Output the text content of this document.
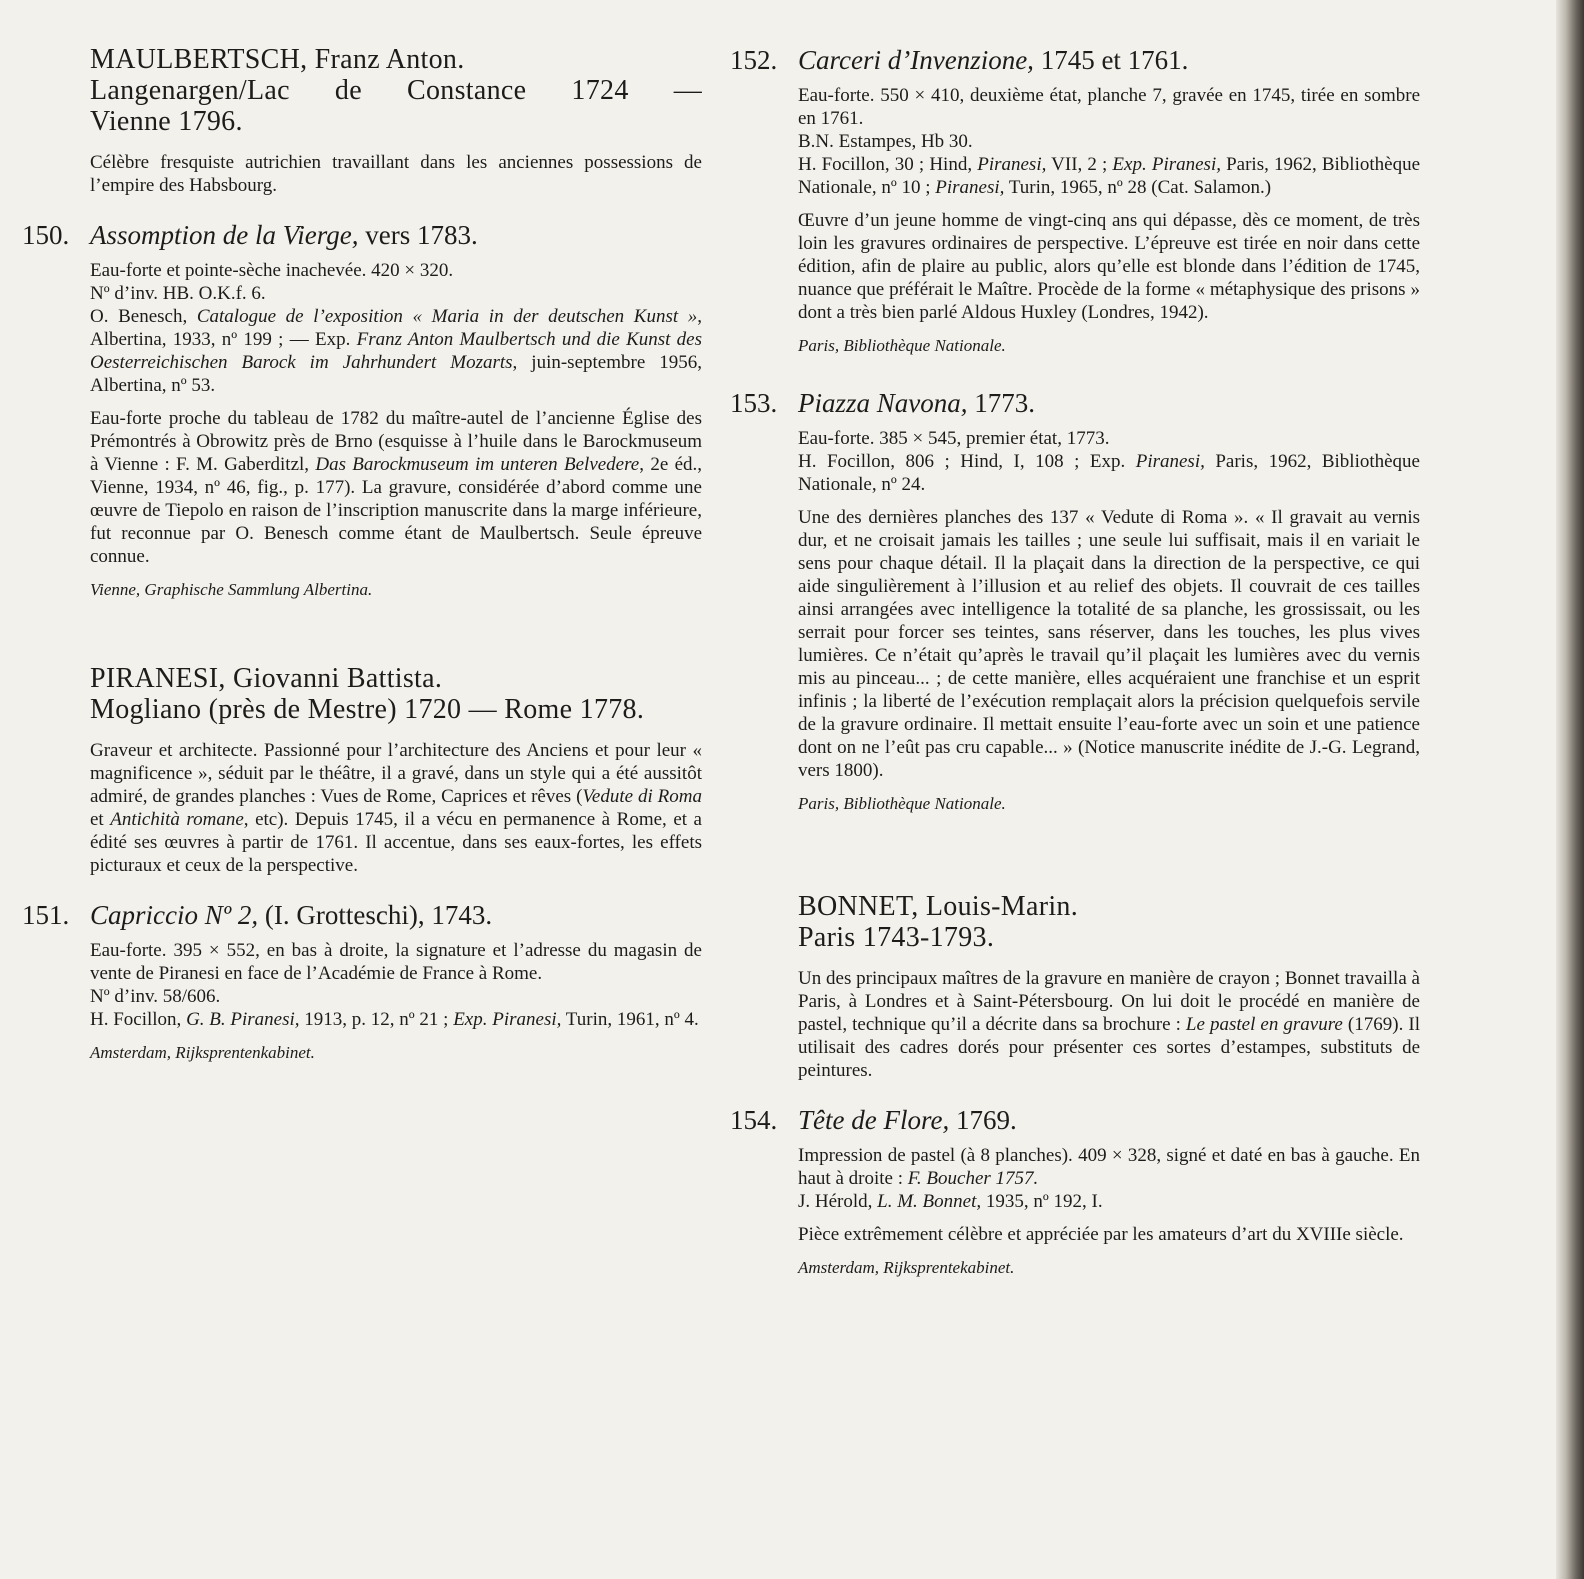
MAULBERTSCH, Franz Anton.
Langenargen/Lac de Constance 1724 —
Vienne 1796.
Célèbre fresquiste autrichien travaillant dans les anciennes possessions de l’empire des Habsbourg.
150. Assomption de la Vierge, vers 1783.

Eau-forte et pointe-sèche inachevée. 420 × 320.

Nº d’inv. HB. O.K.f. 6.

O. Benesch, Catalogue de l’exposition « Maria in der deutschen Kunst », Albertina, 1933, nº 199 ; — Exp. Franz Anton Maulbertsch und die Kunst des Oesterreichischen Barock im Jahrhundert Mozarts, juin-septembre 1956, Albertina, nº 53.

Eau-forte proche du tableau de 1782 du maître-autel de l’ancienne Église des Prémontrés à Obrowitz près de Brno (esquisse à l’huile dans le Barockmuseum à Vienne : F. M. Gaberditzl, Das Barockmuseum im unteren Belvedere, 2e éd., Vienne, 1934, nº 46, fig., p. 177). La gravure, considérée d’abord comme une œuvre de Tiepolo en raison de l’inscription manuscrite dans la marge inférieure, fut reconnue par O. Benesch comme étant de Maulbertsch. Seule épreuve connue.

Vienne, Graphische Sammlung Albertina.
PIRANESI, Giovanni Battista.
Mogliano (près de Mestre) 1720 — Rome 1778.
Graveur et architecte. Passionné pour l’architecture des Anciens et pour leur « magnificence », séduit par le théâtre, il a gravé, dans un style qui a été aussitôt admiré, de grandes planches : Vues de Rome, Caprices et rêves (Vedute di Roma et Antichità romane, etc). Depuis 1745, il a vécu en permanence à Rome, et a édité ses œuvres à partir de 1761. Il accentue, dans ses eaux-fortes, les effets picturaux et ceux de la perspective.
151. Capriccio Nº 2, (I. Grotteschi), 1743.

Eau-forte. 395 × 552, en bas à droite, la signature et l’adresse du magasin de vente de Piranesi en face de l’Académie de France à Rome.

Nº d’inv. 58/606.

H. Focillon, G. B. Piranesi, 1913, p. 12, nº 21 ; Exp. Piranesi, Turin, 1961, nº 4.

Amsterdam, Rijksprentenkabinet.
152. Carceri d’Invenzione, 1745 et 1761.

Eau-forte. 550 × 410, deuxième état, planche 7, gravée en 1745, tirée en sombre en 1761.

B.N. Estampes, Hb 30.

H. Focillon, 30 ; Hind, Piranesi, VII, 2 ; Exp. Piranesi, Paris, 1962, Bibliothèque Nationale, nº 10 ; Piranesi, Turin, 1965, nº 28 (Cat. Salamon.)

Œuvre d’un jeune homme de vingt-cinq ans qui dépasse, dès ce moment, de très loin les gravures ordinaires de perspective. L’épreuve est tirée en noir dans cette édition, afin de plaire au public, alors qu’elle est blonde dans l’édition de 1745, nuance que préférait le Maître. Procède de la forme « métaphysique des prisons » dont a très bien parlé Aldous Huxley (Londres, 1942).

Paris, Bibliothèque Nationale.
153. Piazza Navona, 1773.

Eau-forte. 385 × 545, premier état, 1773.

H. Focillon, 806 ; Hind, I, 108 ; Exp. Piranesi, Paris, 1962, Bibliothèque Nationale, nº 24.

Une des dernières planches des 137 « Vedute di Roma ». « Il gravait au vernis dur, et ne croisait jamais les tailles ; une seule lui suffisait, mais il en variait le sens pour chaque détail. Il la plaçait dans la direction de la perspective, ce qui aide singulièrement à l’illusion et au relief des objets. Il couvrait de ces tailles ainsi arrangées avec intelligence la totalité de sa planche, les grossissait, ou les serrait pour forcer ses teintes, sans réserver, dans les touches, les plus vives lumières. Ce n’était qu’après le travail qu’il plaçait les lumières avec du vernis mis au pinceau... ; de cette manière, elles acquéraient une franchise et un esprit infinis ; la liberté de l’exécution remplaçait alors la précision quelquefois servile de la gravure ordinaire. Il mettait ensuite l’eau-forte avec un soin et une patience dont on ne l’eût pas cru capable... » (Notice manuscrite inédite de J.-G. Legrand, vers 1800).

Paris, Bibliothèque Nationale.
BONNET, Louis-Marin.
Paris 1743-1793.
Un des principaux maîtres de la gravure en manière de crayon ; Bonnet travailla à Paris, à Londres et à Saint-Pétersbourg. On lui doit le procédé en manière de pastel, technique qu’il a décrite dans sa brochure : Le pastel en gravure (1769). Il utilisait des cadres dorés pour présenter ces sortes d’estampes, substituts de peintures.
154. Tête de Flore, 1769.

Impression de pastel (à 8 planches). 409 × 328, signé et daté en bas à gauche. En haut à droite : F. Boucher 1757.

J. Hérold, L. M. Bonnet, 1935, nº 192, I.

Pièce extrêmement célèbre et appréciée par les amateurs d’art du XVIIIe siècle.

Amsterdam, Rijksprentekabinet.
